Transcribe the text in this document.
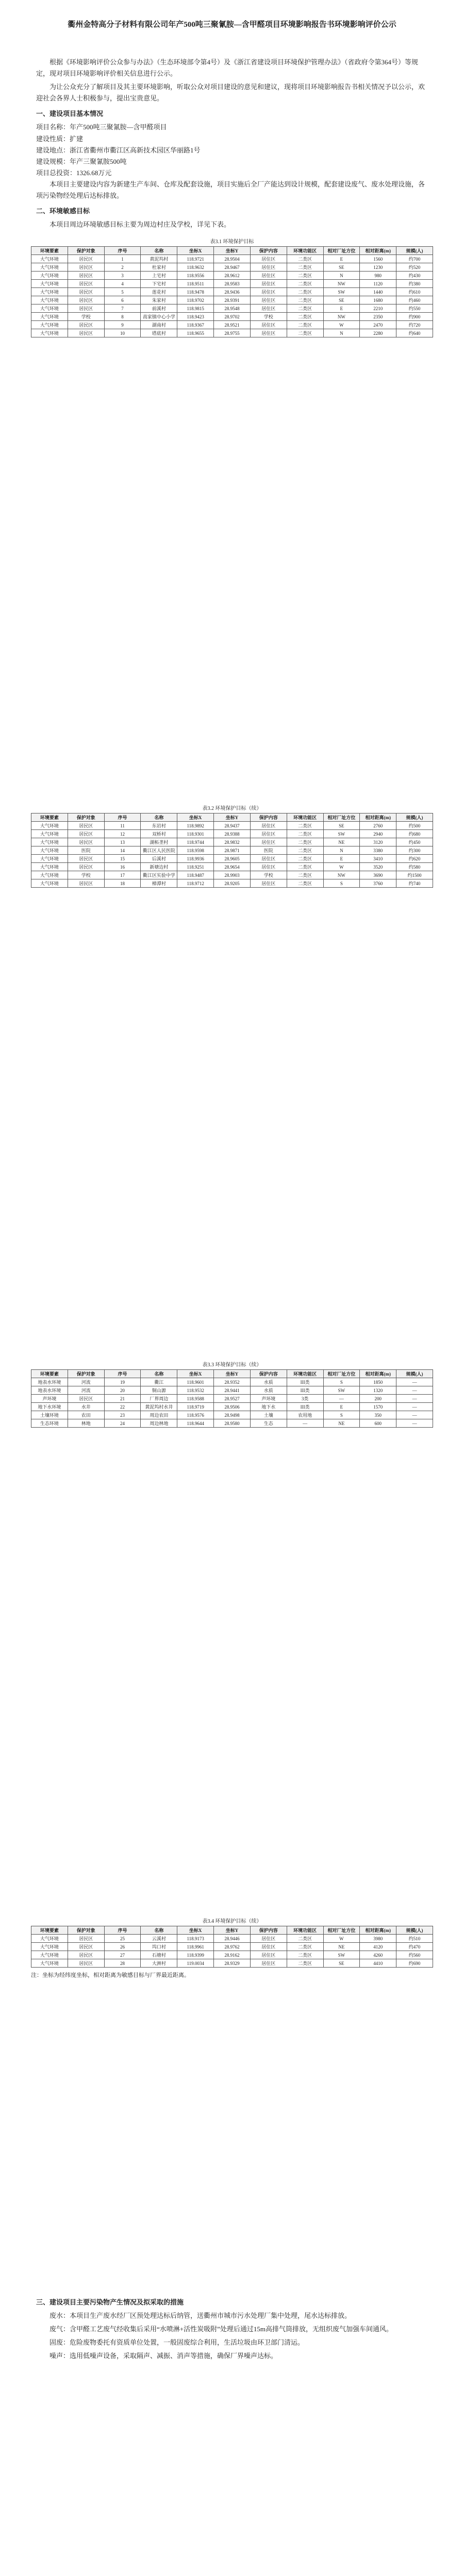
衢州金特高分子材料有限公司年产500吨三聚氰胺—含甲醛项目环境影响报告书环境影响评价公示

根据《环境影响评价公众参与办法》（生态环境部令第4号）及《浙江省建设项目环境保护管理办法》（省政府令第364号）等规定，现对项目环境影响评价相关信息进行公示。

为让公众充分了解项目及其主要环境影响，听取公众对项目建设的意见和建议，现将项目环境影响报告书相关情况予以公示，欢迎社会各界人士积极参与，提出宝贵意见。

一、建设项目基本情况
项目名称：年产500吨三聚氰胺—含甲醛项目
建设性质：扩建
建设地点：浙江省衢州市衢江区高新技术园区华丽路1号
建设规模：年产三聚氰胺500吨
项目总投资：1326.68万元

本项目主要建设内容为新建生产车间、仓库及配套设施，项目实施后全厂产能达到设计规模，配套建设废气、废水处理设施，各项污染物经处理后达标排放。

二、环境敏感目标

本项目周边环境敏感目标主要为周边村庄及学校，详见下表。

表3.1 环境保护目标
环境要素	保护对象	序号	名称	坐标X	坐标Y	保护内容	环境功能区	相对厂址方位	相对距离(m)	规模(人)
大气环境	居民区	1	黄泥坞村	118.9721	28.9504	居住区	二类区	E	1560	约700
大气环境	居民区	2	杜家村	118.9632	28.9467	居住区	二类区	SE	1230	约520
大气环境	居民区	3	上宅村	118.9556	28.9612	居住区	二类区	N	980	约430
大气环境	居民区	4	下宅村	118.9511	28.9583	居住区	二类区	NW	1120	约380
大气环境	居民区	5	莲花村	118.9478	28.9436	居住区	二类区	SW	1440	约610
大气环境	居民区	6	朱家村	118.9702	28.9391	居住区	二类区	SE	1680	约460
大气环境	居民区	7	前溪村	118.9815	28.9548	居住区	二类区	E	2210	约550
大气环境	学校	8	高家镇中心小学	118.9423	28.9702	学校	二类区	NW	2350	约900
大气环境	居民区	9	湖南村	118.9367	28.9521	居住区	二类区	W	2470	约720
大气环境	居民区	10	塔底村	118.9655	28.9755	居住区	二类区	N	2280	约640
表3.2 环境保护目标（续）
环境要素	保护对象	序号	名称	坐标X	坐标Y	保护内容	环境功能区	相对厂址方位	相对距离(m)	规模(人)
大气环境	居民区	11	东岩村	118.9892	28.9437	居住区	二类区	SE	2760	约500
大气环境	居民区	12	双桥村	118.9301	28.9388	居住区	二类区	SW	2940	约680
大气环境	居民区	13	湖柘垄村	118.9744	28.9832	居住区	二类区	NE	3120	约450
大气环境	医院	14	衢江区人民医院	118.9598	28.9871	医院	二类区	N	3380	约300
大气环境	居民区	15	后溪村	118.9936	28.9605	居住区	二类区	E	3410	约620
大气环境	居民区	16	新塘边村	118.9251	28.9654	居住区	二类区	W	3520	约580
大气环境	学校	17	衢江区实验中学	118.9487	28.9903	学校	二类区	NW	3690	约1500
大气环境	居民区	18	樟潭村	118.9712	28.9205	居住区	二类区	S	3760	约740
表3.3 环境保护目标（续）
环境要素	保护对象	序号	名称	坐标X	坐标Y	保护内容	环境功能区	相对厂址方位	相对距离(m)	规模(人)
地表水环境	河流	19	衢江	118.9601	28.9352	水质	III类	S	1850	—
地表水环境	河流	20	铜山源	118.9532	28.9441	水质	III类	SW	1320	—
声环境	居民区	21	厂界周边	118.9588	28.9527	声环境	3类	—	200	—
地下水环境	水井	22	黄泥坞村水井	118.9719	28.9506	地下水	III类	E	1570	—
土壤环境	农田	23	周边农田	118.9576	28.9498	土壤	农用地	S	350	—
生态环境	林地	24	周边林地	118.9644	28.9580	生态	—	NE	600	—
表3.4 环境保护目标（续）
环境要素	保护对象	序号	名称	坐标X	坐标Y	保护内容	环境功能区	相对厂址方位	相对距离(m)	规模(人)
大气环境	居民区	25	云溪村	118.9173	28.9446	居住区	二类区	W	3980	约510
大气环境	居民区	26	坞口村	118.9961	28.9762	居住区	二类区	NE	4120	约470
大气环境	居民区	27	石塘村	118.9399	28.9162	居住区	二类区	SW	4260	约560
大气环境	居民区	28	大洲村	119.0034	28.9329	居住区	二类区	SE	4410	约690
注：坐标为经纬度坐标，相对距离为敏感目标与厂界最近距离。
三、建设项目主要污染物产生情况及拟采取的措施

废水：本项目生产废水经厂区预处理达标后纳管，送衢州市城市污水处理厂集中处理，尾水达标排放。

废气：含甲醛工艺废气经收集后采用“水喷淋+活性炭吸附”处理后通过15m高排气筒排放，无组织废气加强车间通风。

固废：危险废物委托有资质单位处置，一般固废综合利用，生活垃圾由环卫部门清运。

噪声：选用低噪声设备，采取隔声、减振、消声等措施，确保厂界噪声达标。
